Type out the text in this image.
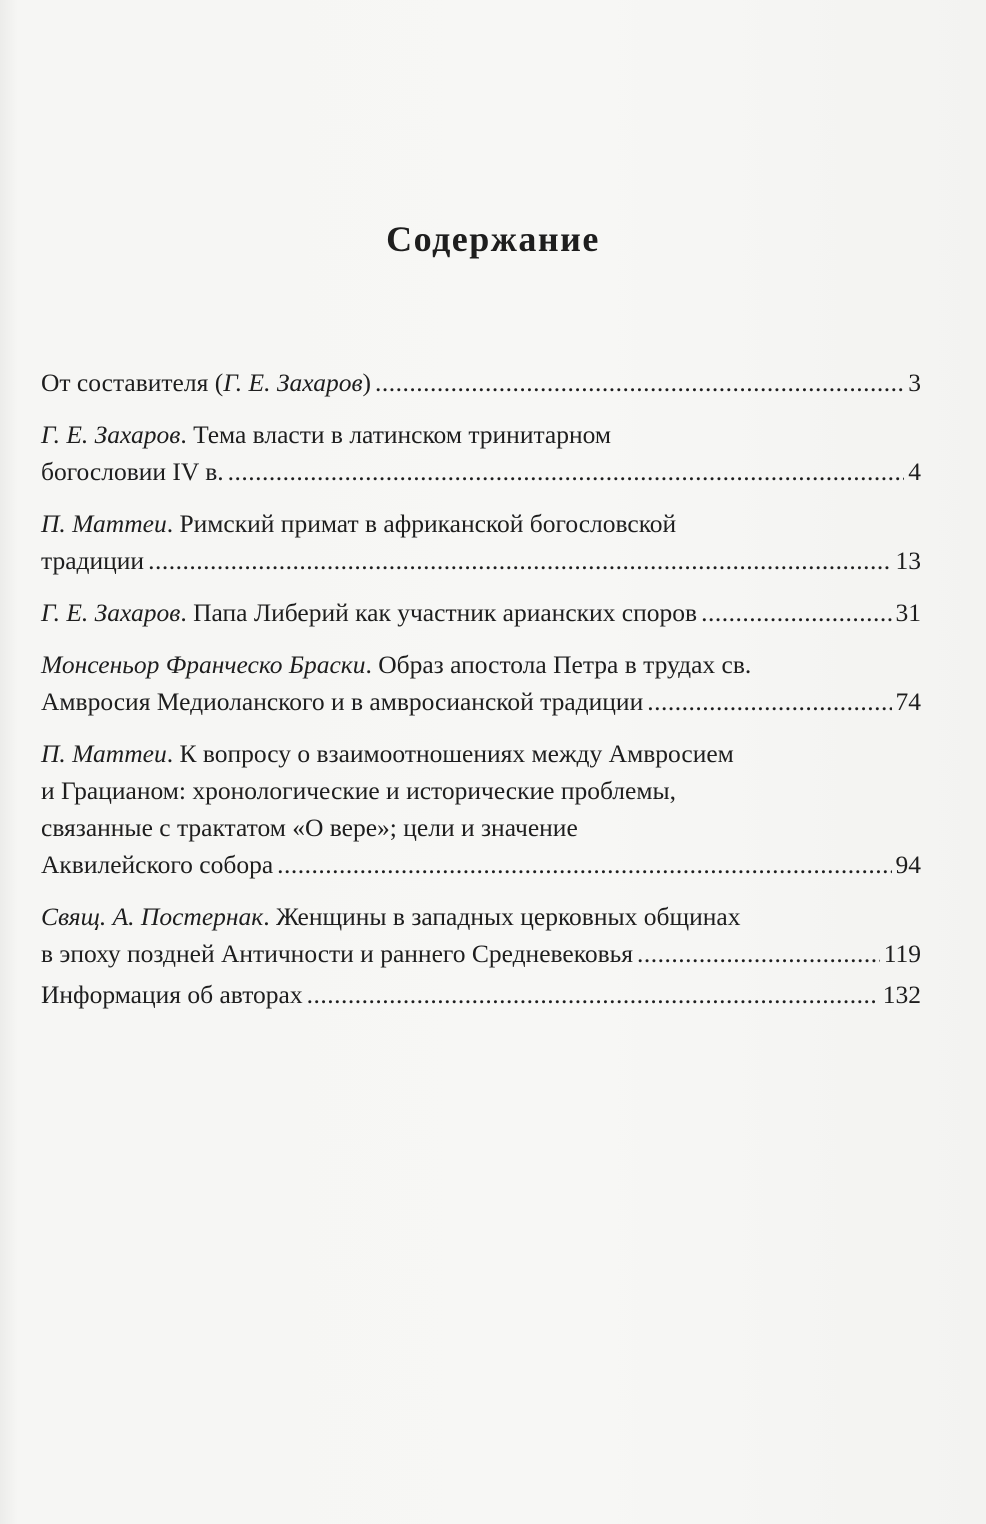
Содержание
От составителя (Г. Е. Захаров) .....	3
Г. Е. Захаров. Тема власти в латинском тринитарном
богословии IV в. .....	4
П. Маттеи. Римский примат в африканской богословской
традиции .....	13
Г. Е. Захаров. Папа Либерий как участник арианских споров .....	31
Монсеньор Франческо Браски. Образ апостола Петра в трудах св.
Амвросия Медиоланского и в амвросианской традиции .....	74
П. Маттеи. К вопросу о взаимоотношениях между Амвросием
и Грацианом: хронологические и исторические проблемы,
связанные с трактатом «О вере»; цели и значение
Аквилейского собора .....	94
Свящ. А. Постернак. Женщины в западных церковных общинах
в эпоху поздней Античности и раннего Средневековья .....	119
Информация об авторах .....	132
